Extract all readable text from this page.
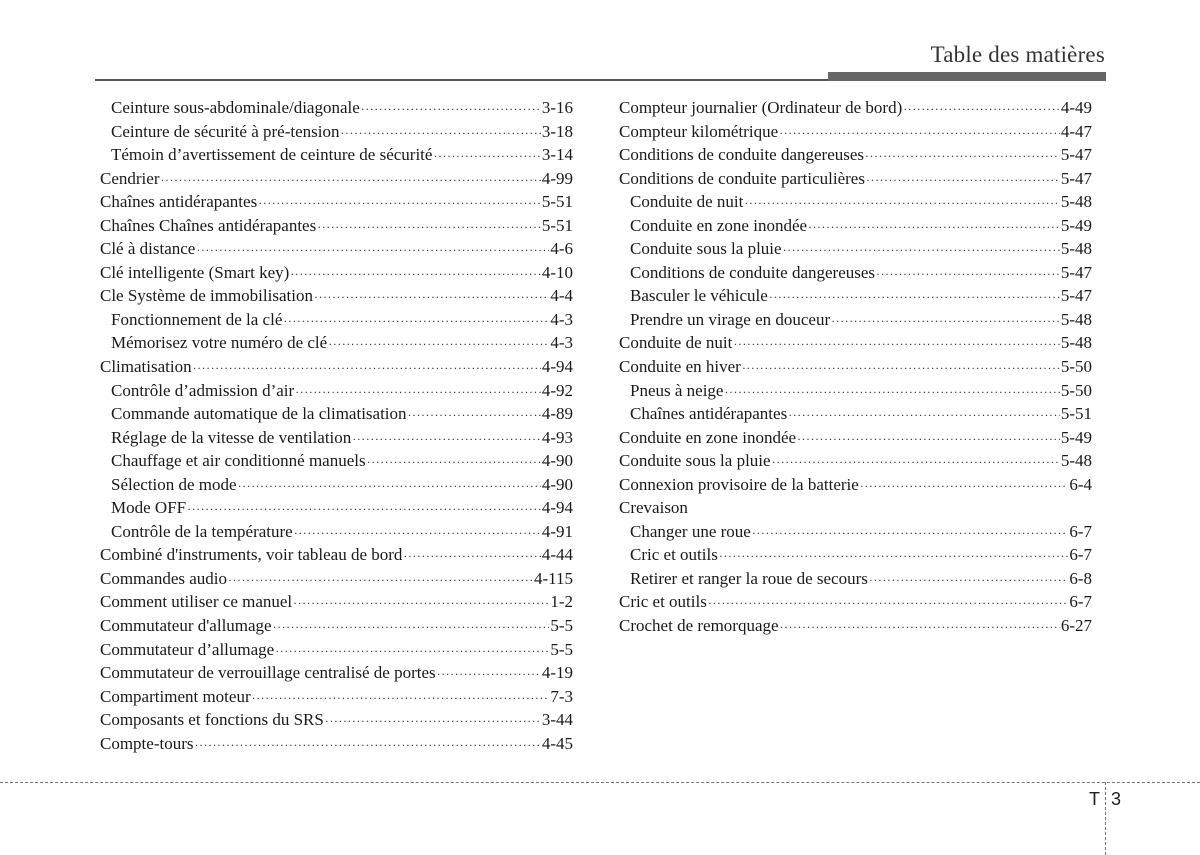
Table des matières
Ceinture sous-abdominale/diagonale ·····	3-16
Ceinture de sécurité à pré-tension ·····	3-18
Témoin d’avertissement de ceinture de sécurité ·····	3-14
Cendrier ·····	4-99
Chaînes antidérapantes ·····	5-51
Chaînes Chaînes antidérapantes ·····	5-51
Clé à distance ·····	4-6
Clé intelligente (Smart key) ·····	4-10
Cle Système de immobilisation ·····	4-4
Fonctionnement de la clé ·····	4-3
Mémorisez votre numéro de clé ·····	4-3
Climatisation ·····	4-94
Contrôle d’admission d’air ·····	4-92
Commande automatique de la climatisation ·····	4-89
Réglage de la vitesse de ventilation ·····	4-93
Chauffage et air conditionné manuels ·····	4-90
Sélection de mode ·····	4-90
Mode OFF ·····	4-94
Contrôle de la température ·····	4-91
Combiné d'instruments, voir tableau de bord ·····	4-44
Commandes audio ·····	4-115
Comment utiliser ce manuel ·····	1-2
Commutateur d'allumage ·····	5-5
Commutateur d’allumage ·····	5-5
Commutateur de verrouillage centralisé de portes ·····	4-19
Compartiment moteur ·····	7-3
Composants et fonctions du SRS ·····	3-44
Compte-tours ·····	4-45
Compteur journalier (Ordinateur de bord) ·····	4-49
Compteur kilométrique ·····	4-47
Conditions de conduite dangereuses ·····	5-47
Conditions de conduite particulières ·····	5-47
Conduite de nuit ·····	5-48
Conduite en zone inondée ·····	5-49
Conduite sous la pluie ·····	5-48
Conditions de conduite dangereuses ·····	5-47
Basculer le véhicule ·····	5-47
Prendre un virage en douceur ·····	5-48
Conduite de nuit ·····	5-48
Conduite en hiver ·····	5-50
Pneus à neige ·····	5-50
Chaînes antidérapantes ·····	5-51
Conduite en zone inondée ·····	5-49
Conduite sous la pluie ·····	5-48
Connexion provisoire de la batterie ·····	6-4
Crevaison
Changer une roue ·····	6-7
Cric et outils ·····	6-7
Retirer et ranger la roue de secours ·····	6-8
Cric et outils ·····	6-7
Crochet de remorquage ·····	6-27
T 3
